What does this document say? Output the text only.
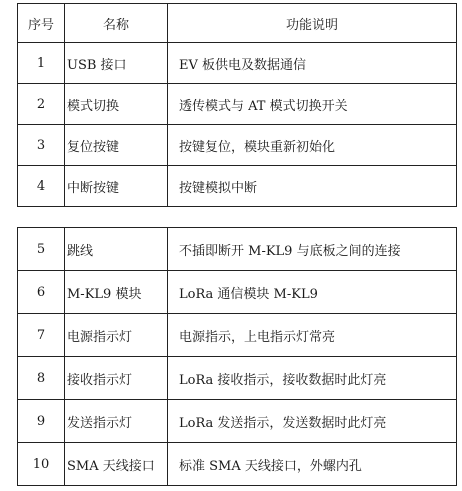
序号	名称	功能说明
1	USB 接口	EV 板供电及数据通信
2	模式切换	透传模式与 AT 模式切换开关
3	复位按键	按键复位，模块重新初始化
4	中断按键	按键模拟中断
5	跳线	不插即断开 M-KL9 与底板之间的连接
6	M-KL9 模块	LoRa 通信模块 M-KL9
7	电源指示灯	电源指示，上电指示灯常亮
8	接收指示灯	LoRa 接收指示，接收数据时此灯亮
9	发送指示灯	LoRa 发送指示，发送数据时此灯亮
10	SMA 天线接口	标准 SMA 天线接口，外螺内孔
